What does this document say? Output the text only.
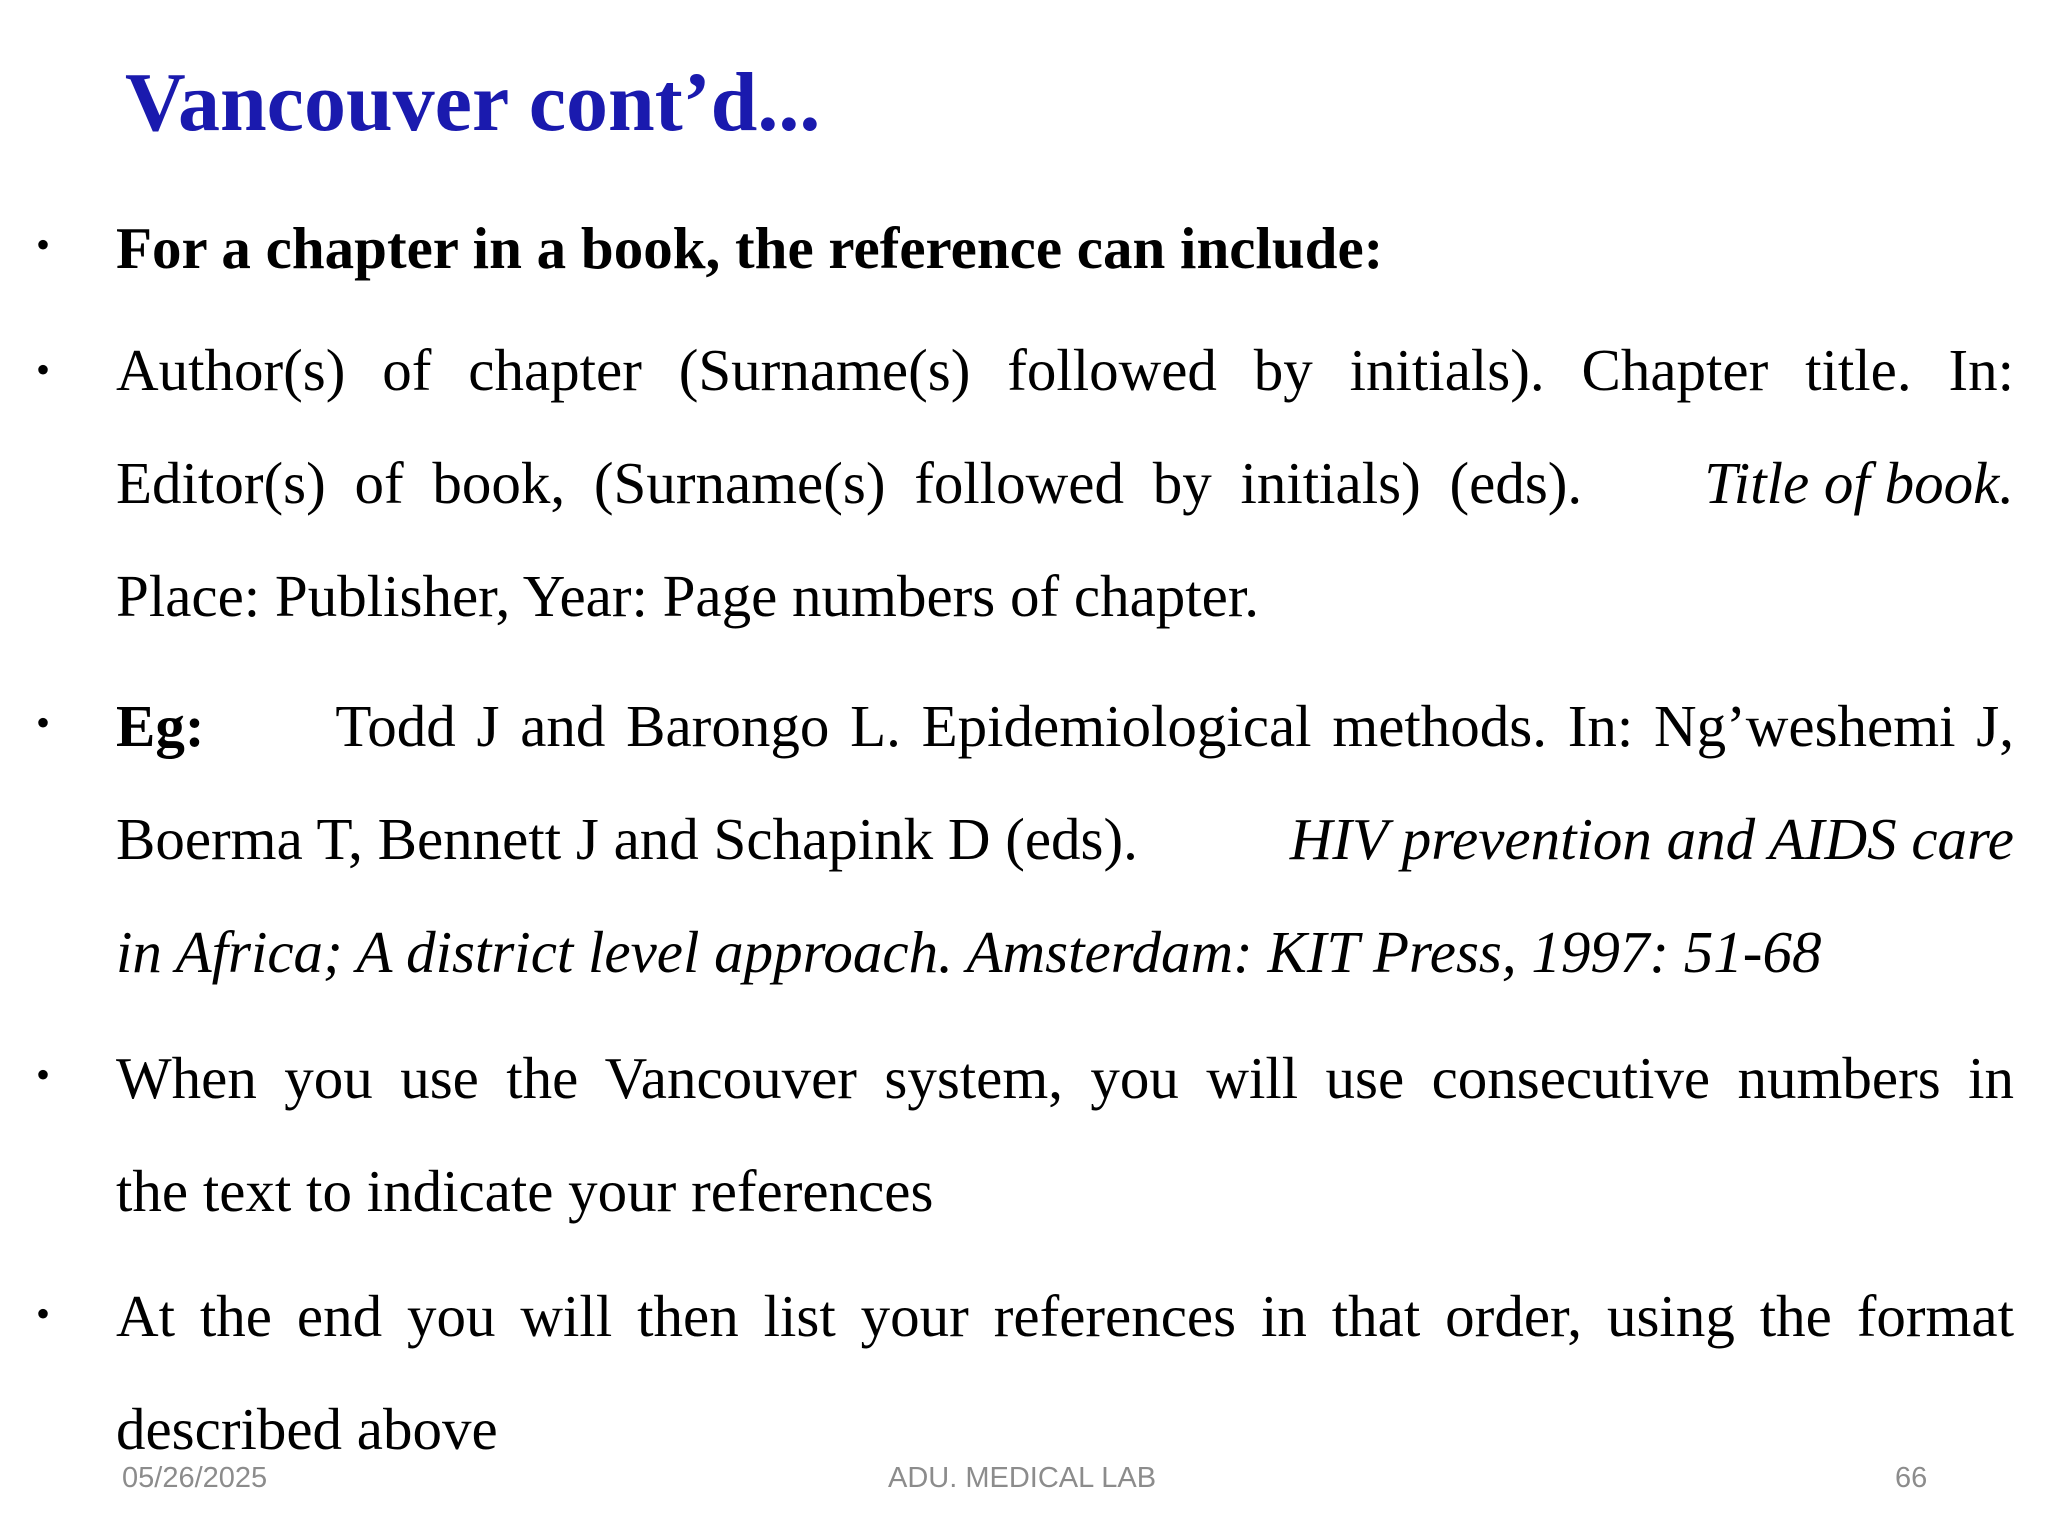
Vancouver cont’d...
• For a chapter in a book, the reference can include:
• Author(s) of chapter (Surname(s) followed by initials). Chapter title. In:
Editor(s) of book, (Surname(s) followed by initials) (eds). Title of book.
Place: Publisher, Year: Page numbers of chapter.
• Eg: Todd J and Barongo L. Epidemiological methods. In: Ng’weshemi J,
Boerma T, Bennett J and Schapink D (eds).	HIV prevention and AIDS care
in Africa; A district level approach. Amsterdam: KIT Press, 1997: 51-68
• When you use the Vancouver system, you will use consecutive numbers in
the text to indicate your references
• At the end you will then list your references in that order, using the format
described above
05/26/2025	ADU. MEDICAL LAB	66
